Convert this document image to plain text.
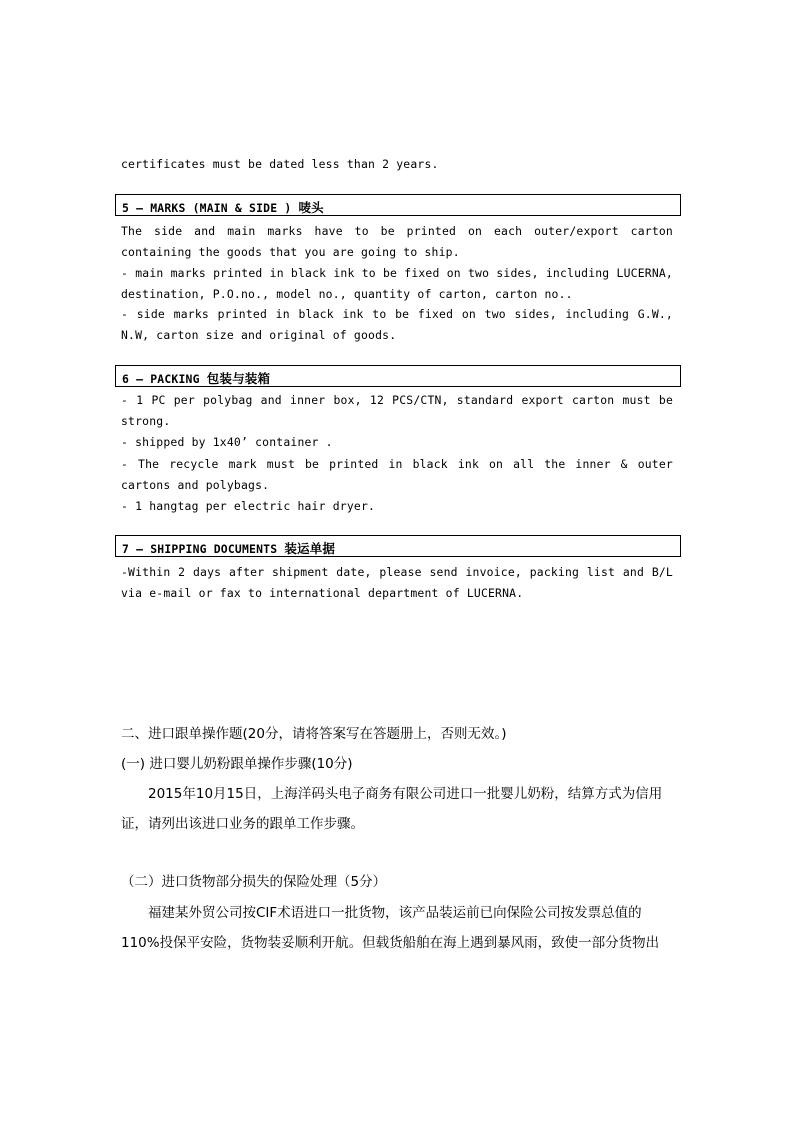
certificates must be dated less than 2 years.
5 – MARKS (MAIN & SIDE ) 唛头
The side and main marks have to be printed on each outer/export carton
containing the goods that you are going to ship.
- main marks printed in black ink to be fixed on two sides, including LUCERNA,
destination, P.O.no., model no., quantity of carton, carton no..
- side marks printed in black ink to be fixed on two sides, including G.W.,
N.W, carton size and original of goods.
6 – PACKING 包装与装箱
- 1 PC per polybag and inner box, 12 PCS/CTN, standard export carton must be
strong.
- shipped by 1x40’ container .
- The recycle mark must be printed in black ink on all the inner & outer
cartons and polybags.
- 1 hangtag per electric hair dryer.
7 – SHIPPING DOCUMENTS 装运单据
-Within 2 days after shipment date, please send invoice, packing list and B/L
via e-mail or fax to international department of LUCERNA.
二、进口跟单操作题(20分，请将答案写在答题册上，否则无效。)
(一) 进口婴儿奶粉跟单操作步骤(10分)
2015年10月15日，上海洋码头电子商务有限公司进口一批婴儿奶粉，结算方式为信用
证，请列出该进口业务的跟单工作步骤。
（二）进口货物部分损失的保险处理（5分）
福建某外贸公司按CIF术语进口一批货物，该产品装运前已向保险公司按发票总值的
110%投保平安险，货物装妥顺利开航。但载货船舶在海上遇到暴风雨，致使一部分货物出
